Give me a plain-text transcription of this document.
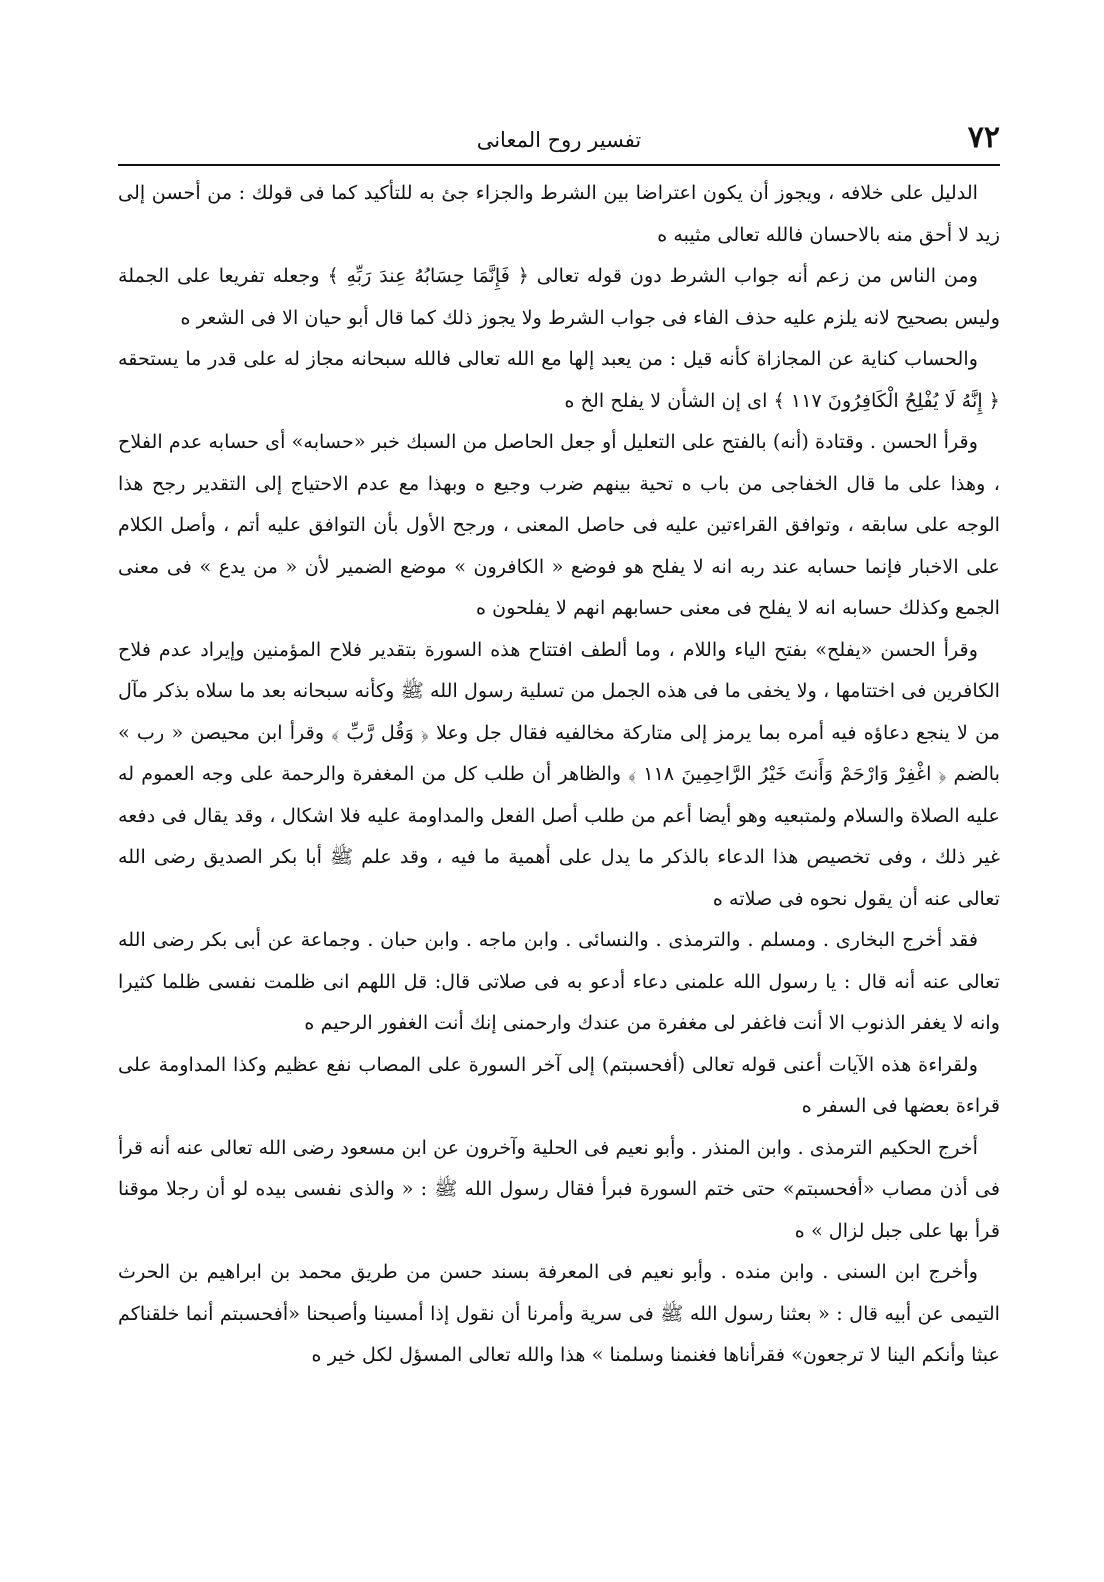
٧٢
تفسير روح المعانى

الدليل على خلافه ، ويجوز أن يكون اعتراضا بين الشرط والجزاء جئ به للتأكيد كما فى قولك : من أحسن إلى زيد لا أحق منه بالاحسان فالله تعالى مثيبه ه

ومن الناس من زعم أنه جواب الشرط دون قوله تعالى ﴿ فَإِنَّمَا حِسَابُهُ عِندَ رَبِّهِ ﴾ وجعله تفريعا على الجملة وليس بصحيح لانه يلزم عليه حذف الفاء فى جواب الشرط ولا يجوز ذلك كما قال أبو حيان الا فى الشعر ه

والحساب كناية عن المجازاة كأنه قيل : من يعبد إلها مع الله تعالى فالله سبحانه مجاز له على قدر ما يستحقه ﴿ إِنَّهُ لَا يُفْلِحُ الْكَافِرُونَ ١١٧ ﴾ اى إن الشأن لا يفلح الخ ه

وقرأ الحسن . وقتادة (أنه) بالفتح على التعليل أو جعل الحاصل من السبك خبر «حسابه» أى حسابه عدم الفلاح ، وهذا على ما قال الخفاجى من باب ه تحية بينهم ضرب وجيع ه وبهذا مع عدم الاحتياج إلى التقدير رجح هذا الوجه على سابقه ، وتوافق القراءتين عليه فى حاصل المعنى ، ورجح الأول بأن التوافق عليه أتم ، وأصل الكلام على الاخبار فإنما حسابه عند ربه انه لا يفلح هو فوضع « الكافرون » موضع الضمير لأن « من يدع » فى معنى الجمع وكذلك حسابه انه لا يفلح فى معنى حسابهم انهم لا يفلحون ه

وقرأ الحسن «يفلح» بفتح الياء واللام ، وما ألطف افتتاح هذه السورة بتقدير فلاح المؤمنين وإيراد عدم فلاح الكافرين فى اختتامها ، ولا يخفى ما فى هذه الجمل من تسلية رسول الله ﷺ وكأنه سبحانه بعد ما سلاه بذكر مآل من لا ينجع دعاؤه فيه أمره بما يرمز إلى متاركة مخالفيه فقال جل وعلا ﴿ وَقُل رَّبِّ ﴾ وقرأ ابن محيصن « رب » بالضم ﴿ اغْفِرْ وَارْحَمْ وَأَنتَ خَيْرُ الرَّاحِمِينَ ١١٨ ﴾ والظاهر أن طلب كل من المغفرة والرحمة على وجه العموم له عليه الصلاة والسلام ولمتبعيه وهو أيضا أعم من طلب أصل الفعل والمداومة عليه فلا اشكال ، وقد يقال فى دفعه غير ذلك ، وفى تخصيص هذا الدعاء بالذكر ما يدل على أهمية ما فيه ، وقد علم ﷺ أبا بكر الصديق رضى الله تعالى عنه أن يقول نحوه فى صلاته ه

فقد أخرج البخارى . ومسلم . والترمذى . والنسائى . وابن ماجه . وابن حبان . وجماعة عن أبى بكر رضى الله تعالى عنه أنه قال : يا رسول الله علمنى دعاء أدعو به فى صلاتى قال: قل اللهم انى ظلمت نفسى ظلما كثيرا وانه لا يغفر الذنوب الا أنت فاغفر لى مغفرة من عندك وارحمنى إنك أنت الغفور الرحيم ه

ولقراءة هذه الآيات أعنى قوله تعالى (أفحسبتم) إلى آخر السورة على المصاب نفع عظيم وكذا المداومة على قراءة بعضها فى السفر ه

أخرج الحكيم الترمذى . وابن المنذر . وأبو نعيم فى الحلية وآخرون عن ابن مسعود رضى الله تعالى عنه أنه قرأ فى أذن مصاب «أفحسبتم» حتى ختم السورة فبرأ فقال رسول الله ﷺ : « والذى نفسى بيده لو أن رجلا موقنا قرأ بها على جبل لزال » ه

وأخرج ابن السنى . وابن منده . وأبو نعيم فى المعرفة بسند حسن من طريق محمد بن ابراهيم بن الحرث التيمى عن أبيه قال : « بعثنا رسول الله ﷺ فى سرية وأمرنا أن نقول إذا أمسينا وأصبحنا «أفحسبتم أنما خلقناكم عبثا وأنكم الينا لا ترجعون» فقرأناها فغنمنا وسلمنا » هذا والله تعالى المسؤل لكل خير ه
